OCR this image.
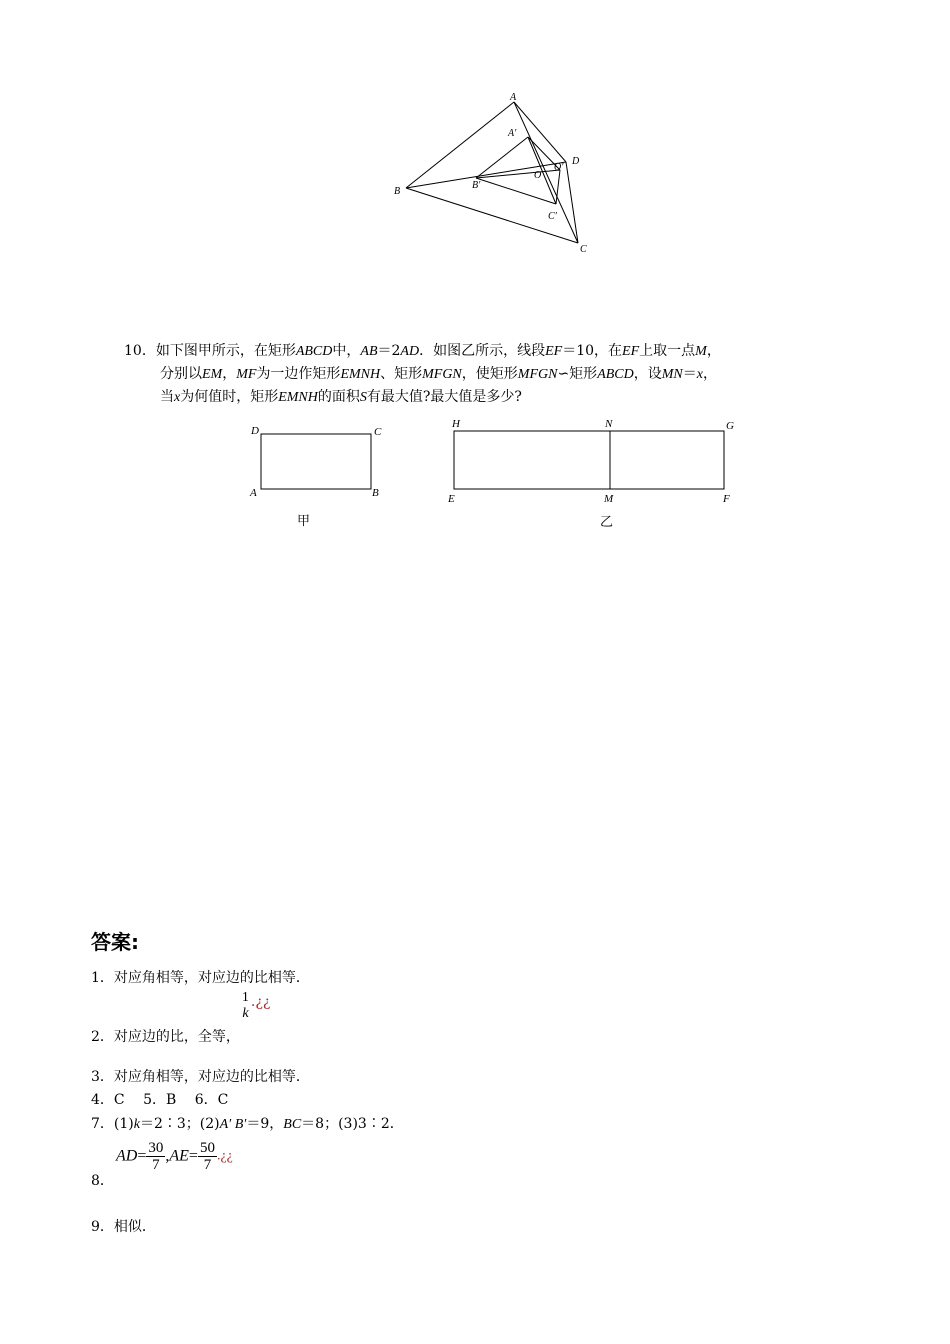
A
A′
B
B′
O
O′
D
C′
C
10．如下图甲所示，在矩形ABCD中，AB＝2AD．如图乙所示，线段EF＝10，在EF上取一点M，
分别以EM，MF为一边作矩形EMNH、矩形MFGN，使矩形MFGN∽矩形ABCD，设MN＝x，
当x为何值时，矩形EMNH的面积S有最大值?最大值是多少?
D	C
A	B
甲
H	N	G
E	M	F
乙
答案:
1．对应角相等，对应边的比相等．
2．对应边的比，全等，
1
k
.¿¿
3．对应角相等，对应边的比相等．
4．C　 5．B　 6．C
7．(1)k＝2∶3；(2)A′ B′＝9，BC＝8；(3)3∶2．
8．
$AD= \frac{30}{7} ,AE= \frac{50}{7}$ .¿¿
9．相似．
